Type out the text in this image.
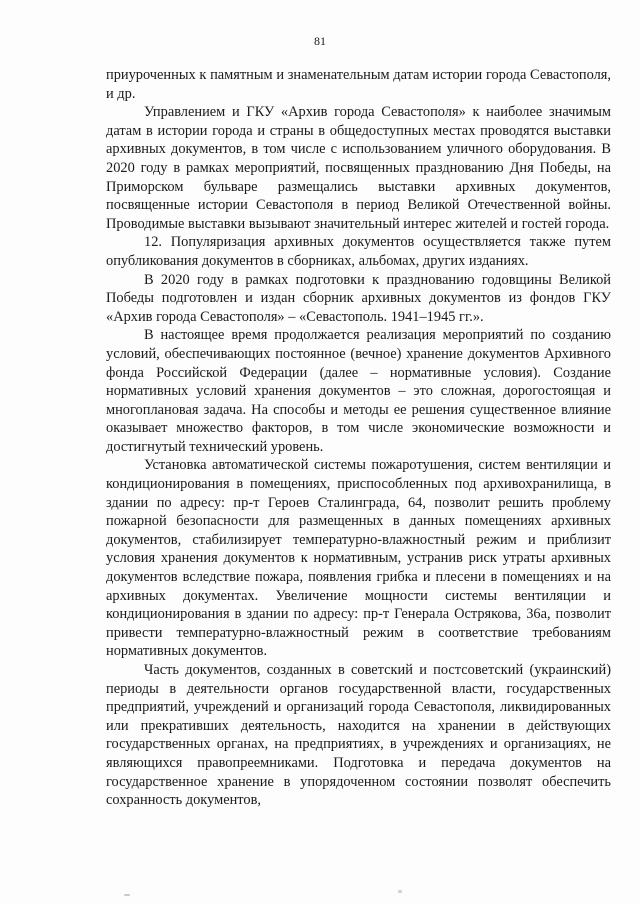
81

приуроченных к памятным и знаменательным датам истории города Севастополя, и др.

Управлением и ГКУ «Архив города Севастополя» к наиболее значимым датам в истории города и страны в общедоступных местах проводятся выставки архивных документов, в том числе с использованием уличного оборудования. В 2020 году в рамках мероприятий, посвященных празднованию Дня Победы, на Приморском бульваре размещались выставки архивных документов, посвященные истории Севастополя в период Великой Отечественной войны. Проводимые выставки вызывают значительный интерес жителей и гостей города.

12. Популяризация архивных документов осуществляется также путем опубликования документов в сборниках, альбомах, других изданиях.

В 2020 году в рамках подготовки к празднованию годовщины Великой Победы подготовлен и издан сборник архивных документов из фондов ГКУ «Архив города Севастополя» – «Севастополь. 1941–1945 гг.».

В настоящее время продолжается реализация мероприятий по созданию условий, обеспечивающих постоянное (вечное) хранение документов Архивного фонда Российской Федерации (далее – нормативные условия). Создание нормативных условий хранения документов – это сложная, дорогостоящая и многоплановая задача. На способы и методы ее решения существенное влияние оказывает множество факторов, в том числе экономические возможности и достигнутый технический уровень.

Установка автоматической системы пожаротушения, систем вентиляции и кондиционирования в помещениях, приспособленных под архивохранилища, в здании по адресу: пр-т Героев Сталинграда, 64, позволит решить проблему пожарной безопасности для размещенных в данных помещениях архивных документов, стабилизирует температурно-влажностный режим и приблизит условия хранения документов к нормативным, устранив риск утраты архивных документов вследствие пожара, появления грибка и плесени в помещениях и на архивных документах. Увеличение мощности системы вентиляции и кондиционирования в здании по адресу: пр-т Генерала Острякова, 36а, позволит привести температурно-влажностный режим в соответствие требованиям нормативных документов.

Часть документов, созданных в советский и постсоветский (украинский) периоды в деятельности органов государственной власти, государственных предприятий, учреждений и организаций города Севастополя, ликвидированных или прекративших деятельность, находится на хранении в действующих государственных органах, на предприятиях, в учреждениях и организациях, не являющихся правопреемниками. Подготовка и передача документов на государственное хранение в упорядоченном состоянии позволят обеспечить сохранность документов,
